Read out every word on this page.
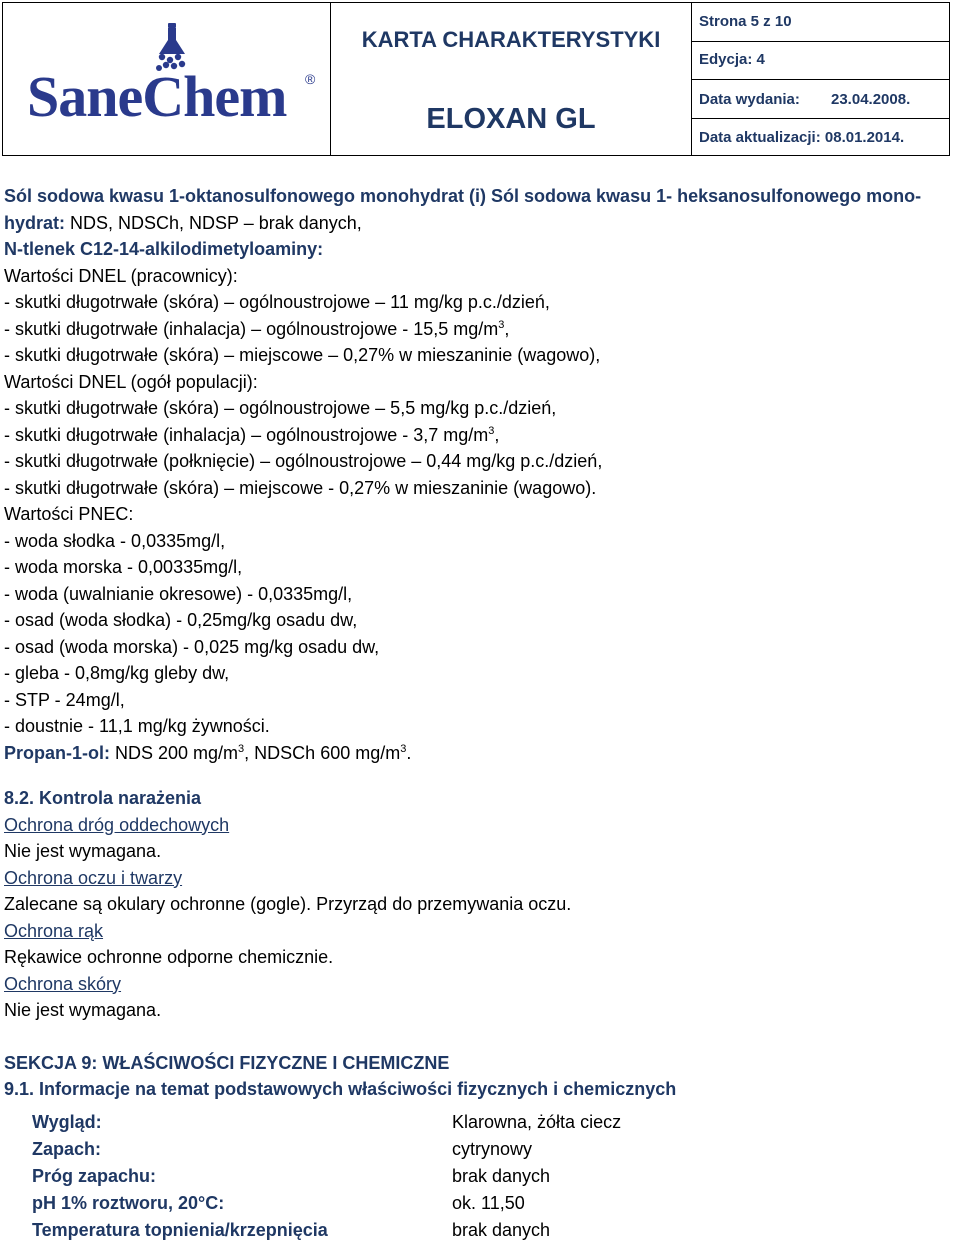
SaneChem ®
KARTA CHARAKTERYSTYKI
ELOXAN GL
Strona 5 z 10
Edycja: 4
Data wydania: 23.04.2008.
Data aktualizacji: 08.01.2014.

Sól sodowa kwasu 1-oktanosulfonowego monohydrat (i) Sól sodowa kwasu 1- heksanosulfonowego mono-

hydrat: NDS, NDSCh, NDSP – brak danych,

N-tlenek C12-14-alkilodimetyloaminy:

Wartości DNEL (pracownicy):

- skutki długotrwałe (skóra) – ogólnoustrojowe – 11 mg/kg p.c./dzień,

- skutki długotrwałe (inhalacja) – ogólnoustrojowe - 15,5 $mg/m^3$,

- skutki długotrwałe (skóra) – miejscowe – 0,27% w mieszaninie (wagowo),

Wartości DNEL (ogół populacji):

- skutki długotrwałe (skóra) – ogólnoustrojowe – 5,5 mg/kg p.c./dzień,

- skutki długotrwałe (inhalacja) – ogólnoustrojowe - 3,7 $mg/m^3$,

- skutki długotrwałe (połknięcie) – ogólnoustrojowe – 0,44 mg/kg p.c./dzień,

- skutki długotrwałe (skóra) – miejscowe - 0,27% w mieszaninie (wagowo).

Wartości PNEC:

- woda słodka - 0,0335mg/l,

- woda morska - 0,00335mg/l,

- woda (uwalnianie okresowe) - 0,0335mg/l,

- osad (woda słodka) - 0,25mg/kg osadu dw,

- osad (woda morska) - 0,025 mg/kg osadu dw,

- gleba - 0,8mg/kg gleby dw,

- STP - 24mg/l,

- doustnie - 11,1 mg/kg żywności.

Propan-1-ol: NDS 200 $mg/m^3$, NDSCh 600 $mg/m^3$.

8.2. Kontrola narażenia

Ochrona dróg oddechowych

Nie jest wymagana.

Ochrona oczu i twarzy

Zalecane są okulary ochronne (gogle). Przyrząd do przemywania oczu.

Ochrona rąk

Rękawice ochronne odporne chemicznie.

Ochrona skóry

Nie jest wymagana.

SEKCJA 9: WŁAŚCIWOŚCI FIZYCZNE I CHEMICZNE

9.1. Informacje na temat podstawowych właściwości fizycznych i chemicznych

Wygląd:	Klarowna, żółta ciecz
Zapach:	cytrynowy
Próg zapachu:	brak danych
pH 1% roztworu, 20°C:	ok. 11,50
Temperatura topnienia/krzepnięcia	brak danych
